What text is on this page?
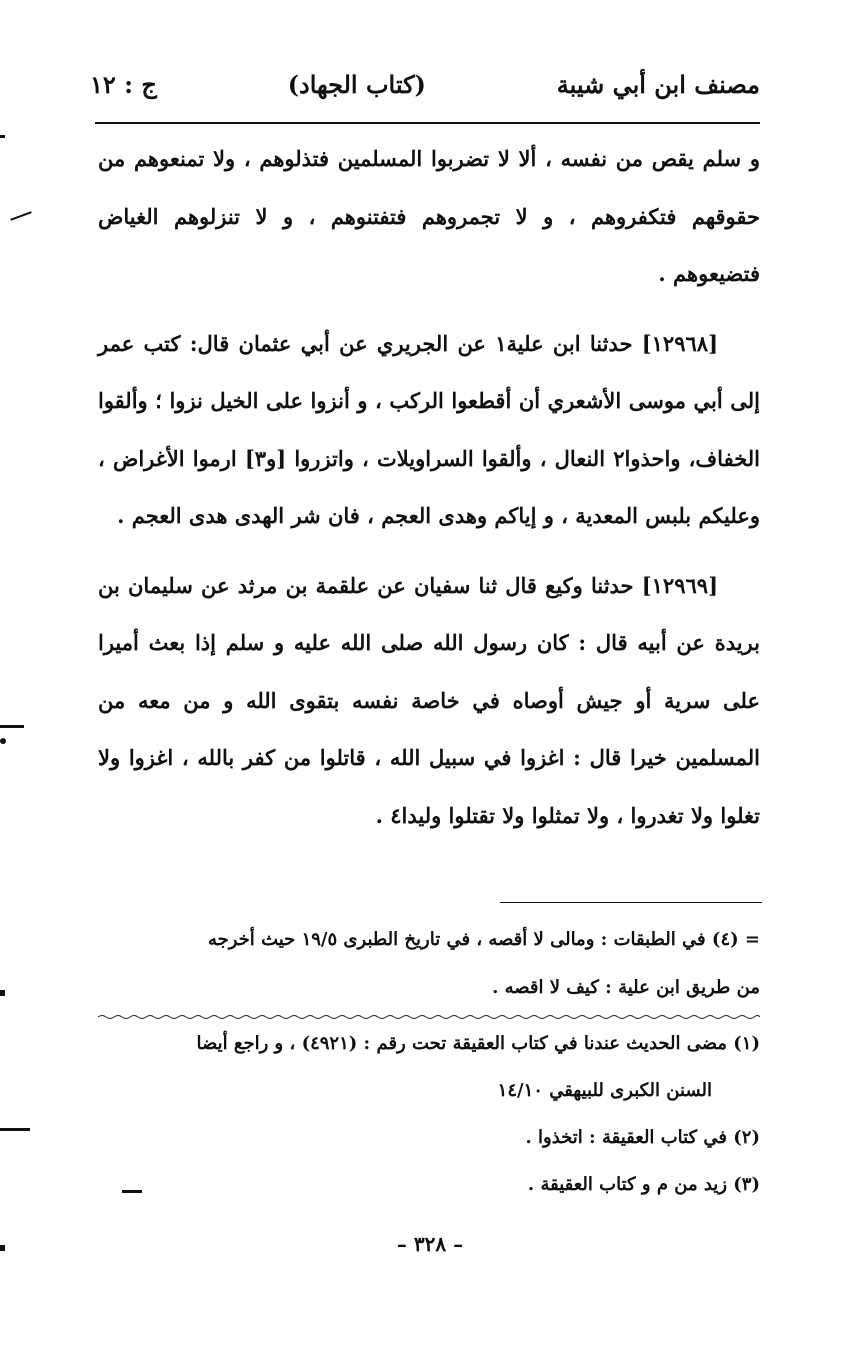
مصنف ابن أبي شيبة
(كتاب الجهاد)
ج : ١٢

و سلم يقص من نفسه ، ألا لا تضربوا المسلمين فتذلوهم ، ولا تمنعوهم من حقوقهم فتكفروهم ، و لا تجمروهم فتفتنوهم ، و لا تنزلوهم الغياض فتضيعوهم .

[١٢٩٦٨] حدثنا ابن علية١ عن الجريري عن أبي عثمان قال: كتب عمر إلى أبي موسى الأشعري أن أقطعوا الركب ، و أنزوا على الخيل نزوا ؛ وألقوا الخفاف، واحذوا٢ النعال ، وألقوا السراويلات ، واتزروا [و٣] ارموا الأغراض ، وعليكم بلبس المعدية ، و إياكم وهدى العجم ، فان شر الهدى هدى العجم .

[١٢٩٦٩] حدثنا وكيع قال ثنا سفيان عن علقمة بن مرثد عن سليمان بن بريدة عن أبيه قال : كان رسول الله صلى الله عليه و سلم إذا بعث أميرا على سرية أو جيش أوصاه في خاصة نفسه بتقوى الله و من معه من المسلمين خيرا قال : اغزوا في سبيل الله ، قاتلوا من كفر بالله ، اغزوا ولا تغلوا ولا تغدروا ، ولا تمثلوا ولا تقتلوا وليدا٤ .

= (٤) في الطبقات : ومالى لا أقصه ، في تاريخ الطبرى ١٩/٥ حيث أخرجه

من طريق ابن علية : كيف لا اقصه .

(١) مضى الحديث عندنا في كتاب العقيقة تحت رقم : (٤٩٢١) ، و راجع أيضا

السنن الكبرى للبيهقي ١٤/١٠

(٢) في كتاب العقيقة : اتخذوا .

(٣) زيد من م و كتاب العقيقة .

– ٣٢٨ –
